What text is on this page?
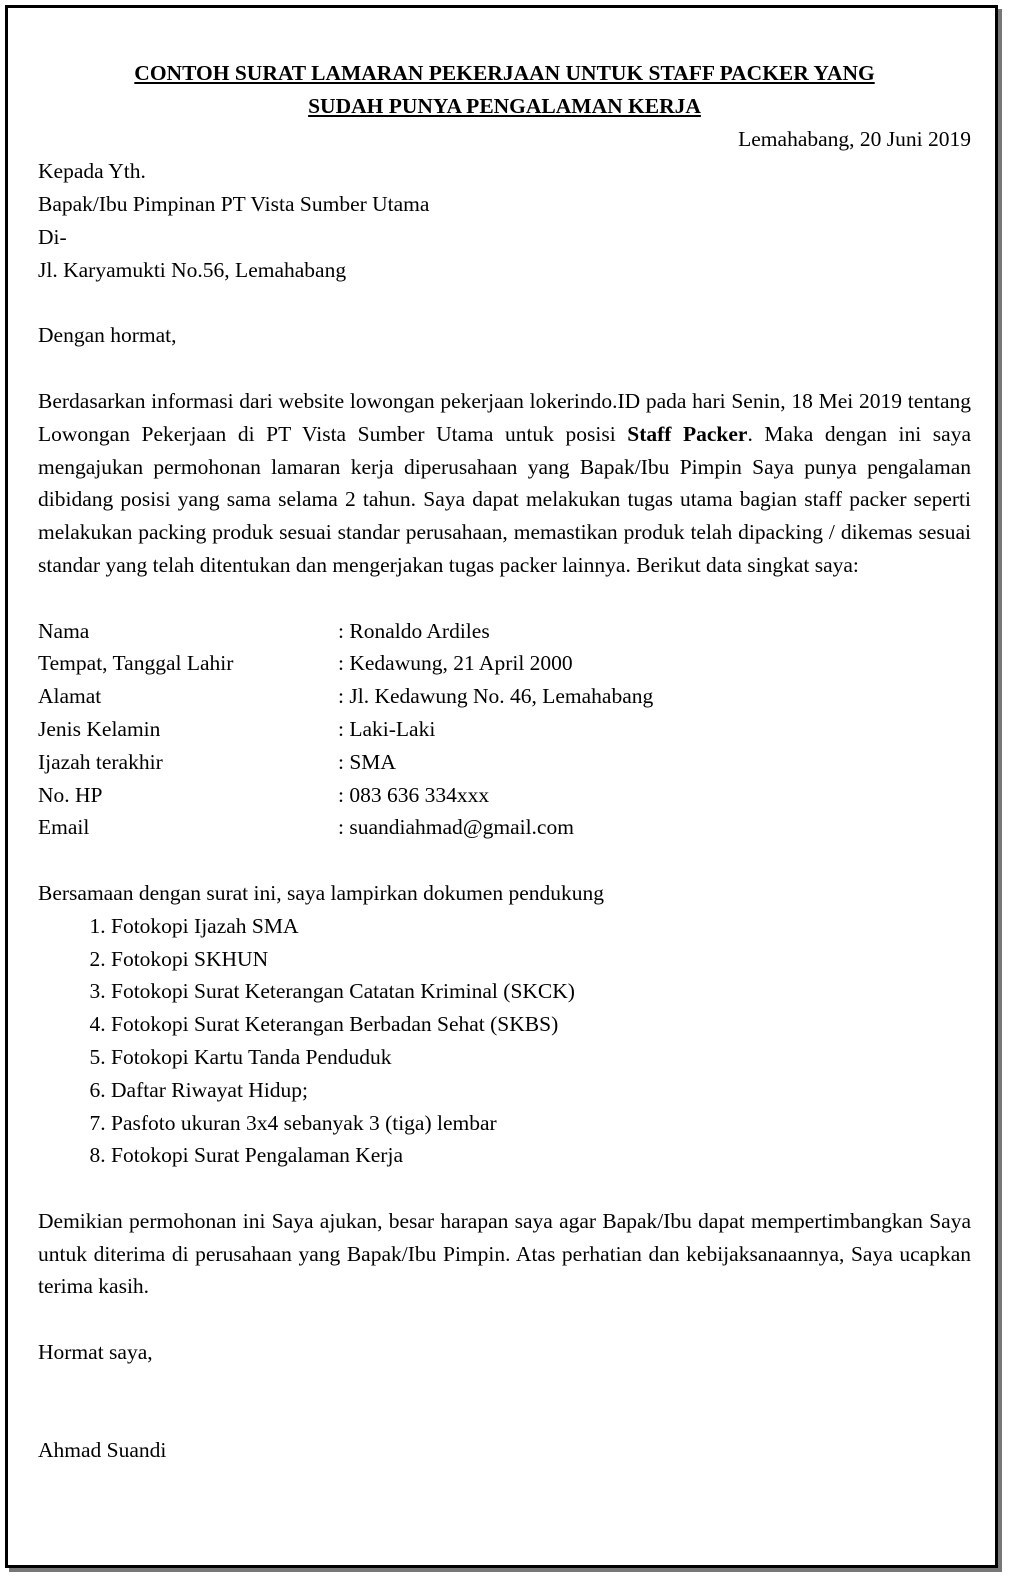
CONTOH SURAT LAMARAN PEKERJAAN UNTUK STAFF PACKER YANG
SUDAH PUNYA PENGALAMAN KERJA

Lemahabang, 20 Juni 2019

Kepada Yth.

Bapak/Ibu Pimpinan PT Vista Sumber Utama

Di-

Jl. Karyamukti No.56, Lemahabang

Dengan hormat,

Berdasarkan informasi dari website lowongan pekerjaan lokerindo.ID pada hari Senin, 18 Mei 2019 tentang Lowongan Pekerjaan di PT Vista Sumber Utama untuk posisi Staff Packer. Maka dengan ini saya mengajukan permohonan lamaran kerja diperusahaan yang Bapak/Ibu Pimpin Saya punya pengalaman dibidang posisi yang sama selama 2 tahun. Saya dapat melakukan tugas utama bagian staff packer seperti melakukan packing produk sesuai standar perusahaan, memastikan produk telah dipacking / dikemas sesuai standar yang telah ditentukan dan mengerjakan tugas packer lainnya. Berikut data singkat saya:

Nama	: Ronaldo Ardiles
Tempat, Tanggal Lahir	: Kedawung, 21 April 2000
Alamat	: Jl. Kedawung No. 46, Lemahabang
Jenis Kelamin	: Laki-Laki
Ijazah terakhir	: SMA
No. HP	: 083 636 334xxx
Email	: suandiahmad@gmail.com

Bersamaan dengan surat ini, saya lampirkan dokumen pendukung

1. Fotokopi Ijazah SMA
2. Fotokopi SKHUN
3. Fotokopi Surat Keterangan Catatan Kriminal (SKCK)
4. Fotokopi Surat Keterangan Berbadan Sehat (SKBS)
5. Fotokopi Kartu Tanda Penduduk
6. Daftar Riwayat Hidup;
7. Pasfoto ukuran 3x4 sebanyak 3 (tiga) lembar
8. Fotokopi Surat Pengalaman Kerja

Demikian permohonan ini Saya ajukan, besar harapan saya agar Bapak/Ibu dapat mempertimbangkan Saya untuk diterima di perusahaan yang Bapak/Ibu Pimpin. Atas perhatian dan kebijaksanaannya, Saya ucapkan terima kasih.

Hormat saya,

Ahmad Suandi
